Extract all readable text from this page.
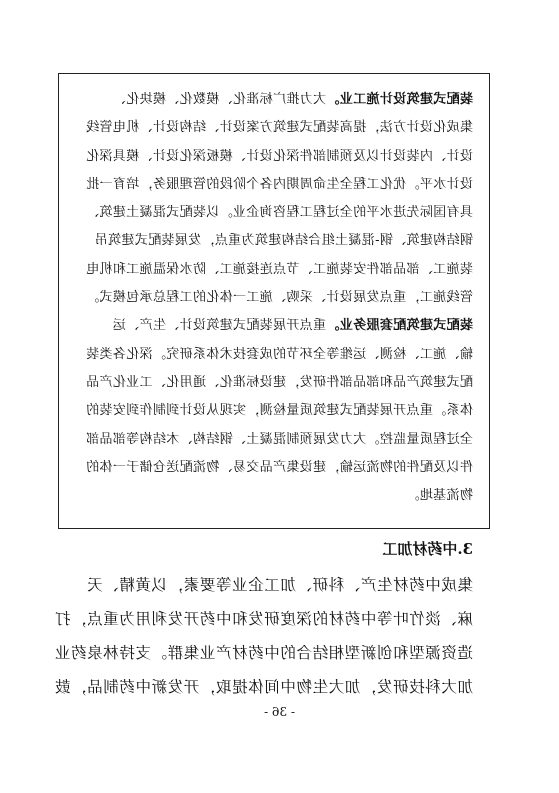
装配式建筑设计施工业。大力推广标准化、模数化、模块化、
集成化设计方法，提高装配式建筑方案设计、结构设计、机电管线
设计、内装设计以及预制部件深化设计、模板深化设计、模具深化
设计水平。优化工程全生命周期内各个阶段的管理服务，培育一批
具有国际先进水平的全过程工程咨询企业。以装配式混凝土建筑、
钢结构建筑、钢-混凝土组合结构建筑为重点，发展装配式建筑吊
装施工、部品部件安装施工、节点连接施工、防水保温施工和机电
管线施工，重点发展设计、采购、施工一体化的工程总承包模式。
装配式建筑配套服务业。重点开展装配式建筑设计、生产、运
输、施工、检测、运维等全环节的成套技术体系研究。深化各类装
配式建筑产品和部品部件研发，建设标准化、通用化、工业化产品
体系。重点开展装配式建筑质量检测，实现从设计到制作到安装的
全过程质量监控。大力发展预制混凝土、钢结构、木结构等部品部
件以及配件的物流运输，建设集产品交易、物流配送仓储于一体的
物流基地。
3.中药材加工
集成中药材生产、科研、加工企业等要素，以黄精、天
麻、淡竹叶等中药材的深度研发和中药开发利用为重点，打
造资源型和创新型相结合的中药材产业集群。支持林泉药业
加大科技研发，加大生物中间体提取，开发新中药制品，鼓
- 36 -
